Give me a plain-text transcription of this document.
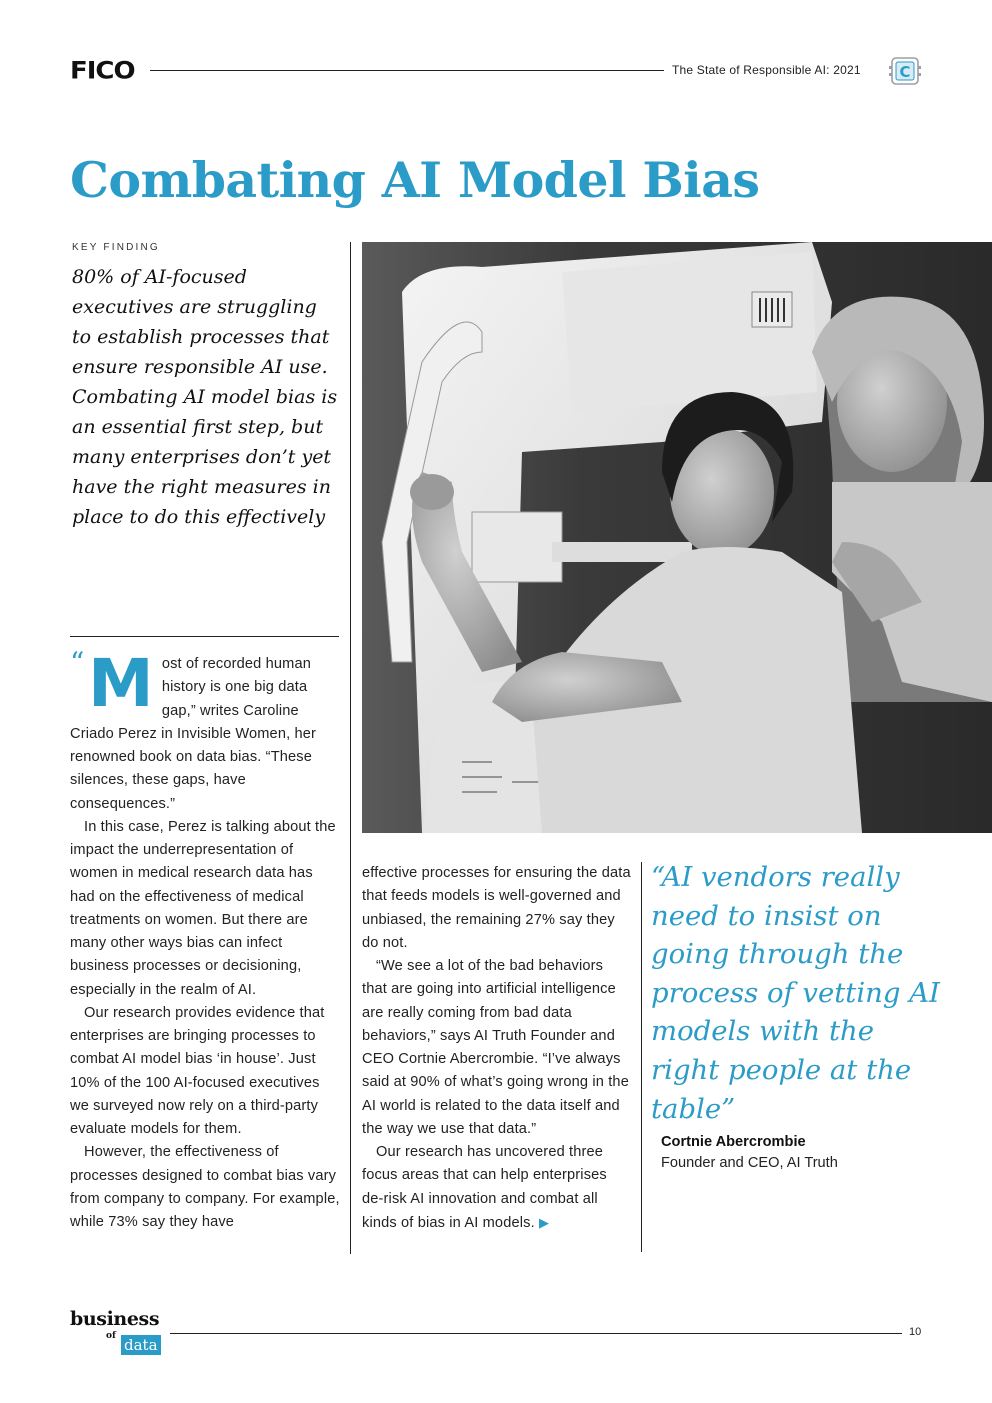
FICO	The State of Responsible AI: 2021	C
Combating AI Model Bias
KEY FINDING

80% of AI-focused executives are struggling to establish processes that ensure responsible AI use. Combating AI model bias is an essential first step, but many enterprises don’t yet have the right measures in place to do this effectively

“ M ost of recorded human history is one big data gap,” writes Caroline Criado Perez in Invisible Women, her renowned book on data bias. “These silences, these gaps, have consequences.”

In this case, Perez is talking about the impact the underrepresentation of women in medical research data has had on the effectiveness of medical treatments on women. But there are many other ways bias can infect business processes or decisioning, especially in the realm of AI.

Our research provides evidence that enterprises are bringing processes to combat AI model bias ‘in house’. Just 10% of the 100 AI-focused executives we surveyed now rely on a third-party evaluate models for them.

However, the effectiveness of processes designed to combat bias vary from company to company. For example, while 73% say they have

effective processes for ensuring the data that feeds models is well-governed and unbiased, the remaining 27% say they do not.

“We see a lot of the bad behaviors that are going into artificial intelligence are really coming from bad data behaviors,” says AI Truth Founder and CEO Cortnie Abercrombie. “I’ve always said at 90% of what’s going wrong in the AI world is related to the data itself and the way we use that data.”

Our research has uncovered three focus areas that can help enterprises de-risk AI innovation and combat all kinds of bias in AI models. ▶

“AI vendors really need to insist on going through the process of vetting AI models with the right people at the table”

Cortnie Abercrombie
Founder and CEO, AI Truth
business
of data
10
